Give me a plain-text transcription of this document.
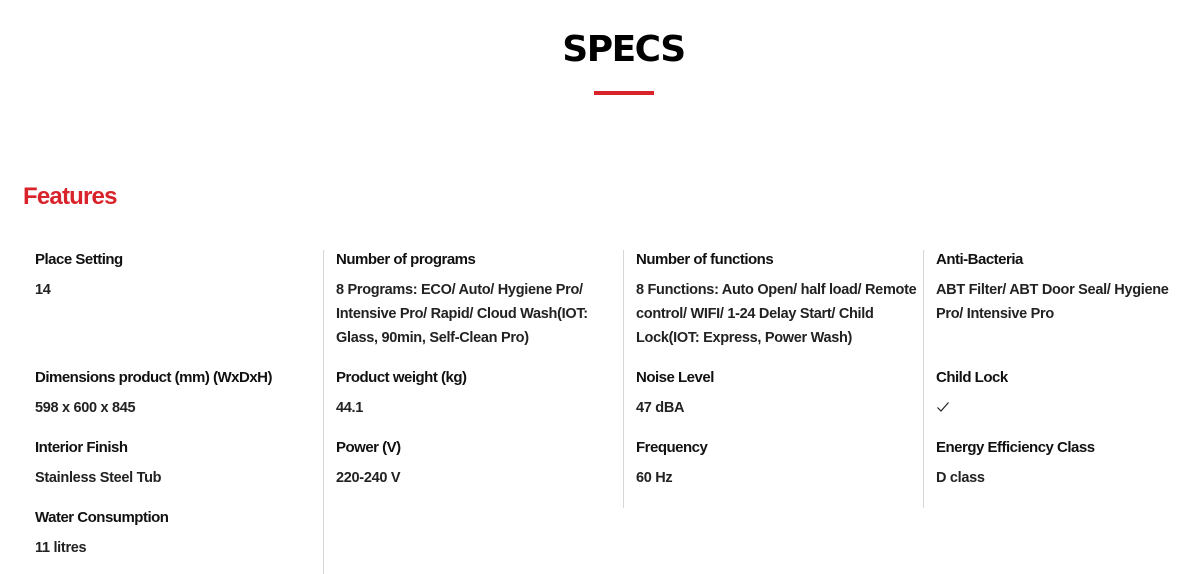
SPECS
Features
Place Setting
14
Dimensions product (mm) (WxDxH)
598 x 600 x 845
Interior Finish
Stainless Steel Tub
Water Consumption
11 litres
Number of programs
8 Programs: ECO/ Auto/ Hygiene Pro/ Intensive Pro/ Rapid/ Cloud Wash(IOT: Glass, 90min, Self-Clean Pro)
Product weight (kg)
44.1
Power (V)
220-240 V
Number of functions
8 Functions: Auto Open/ half load/ Remote control/ WIFI/ 1-24 Delay Start/ Child Lock(IOT: Express, Power Wash)
Noise Level
47 dBA
Frequency
60 Hz
Anti-Bacteria
ABT Filter/ ABT Door Seal/ Hygiene Pro/ Intensive Pro
Child Lock
Energy Efficiency Class
D class
